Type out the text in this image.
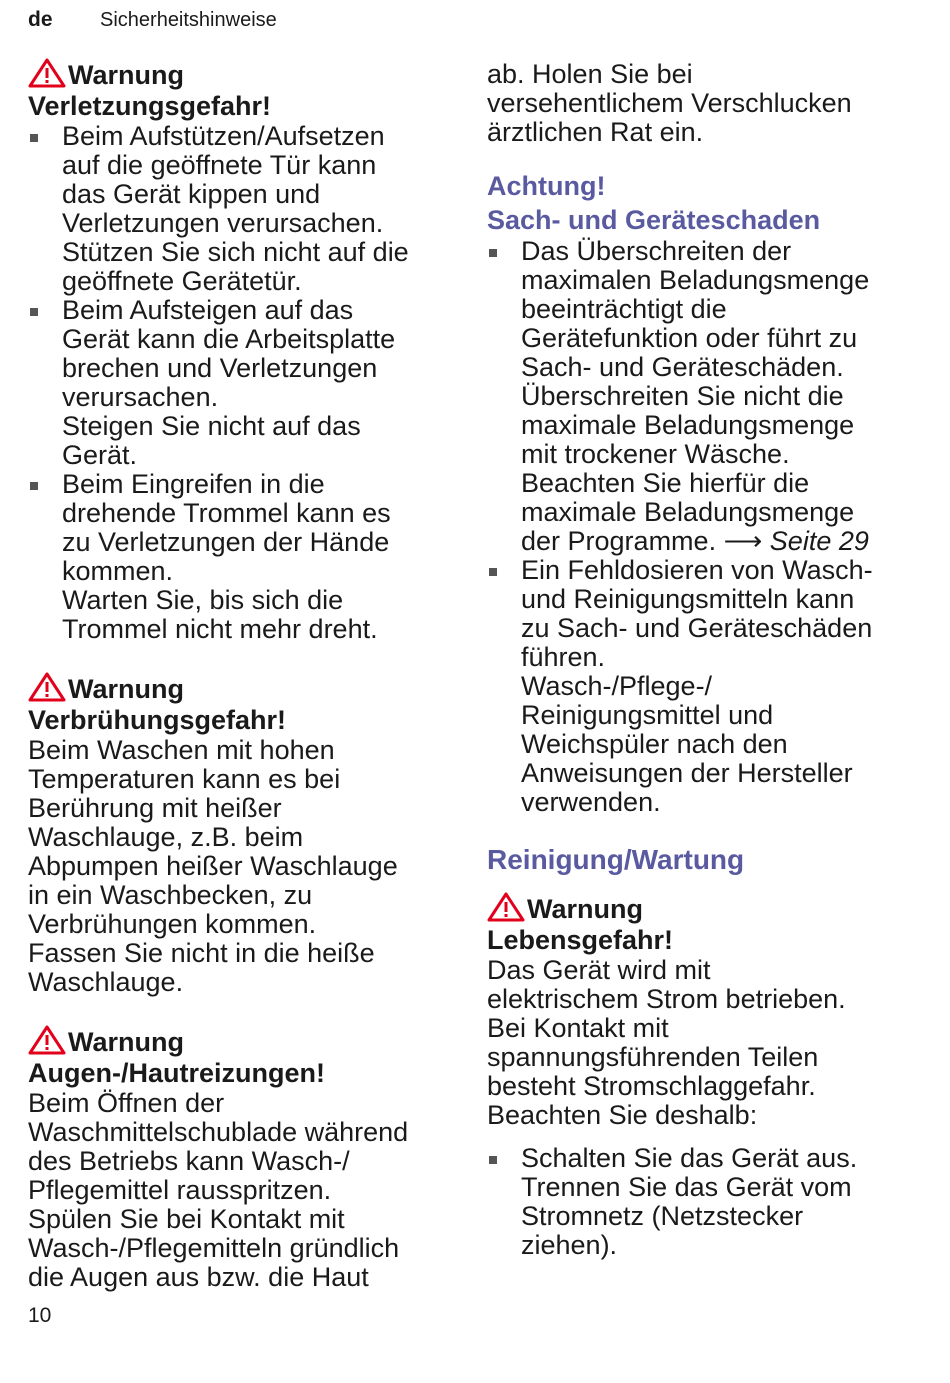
de Sicherheitshinweise
Warnung
Verletzungsgefahr!
Beim Aufstützen/Aufsetzen
auf die geöffnete Tür kann
das Gerät kippen und
Verletzungen verursachen.
Stützen Sie sich nicht auf die
geöffnete Gerätetür.
Beim Aufsteigen auf das
Gerät kann die Arbeitsplatte
brechen und Verletzungen
verursachen.
Steigen Sie nicht auf das
Gerät.
Beim Eingreifen in die
drehende Trommel kann es
zu Verletzungen der Hände
kommen.
Warten Sie, bis sich die
Trommel nicht mehr dreht.
Warnung
Verbrühungsgefahr!
Beim Waschen mit hohen
Temperaturen kann es bei
Berührung mit heißer
Waschlauge, z.B. beim
Abpumpen heißer Waschlauge
in ein Waschbecken, zu
Verbrühungen kommen.
Fassen Sie nicht in die heiße
Waschlauge.
Warnung
Augen-/Hautreizungen!
Beim Öffnen der
Waschmittelschublade während
des Betriebs kann Wasch-/
Pflegemittel rausspritzen.
Spülen Sie bei Kontakt mit
Wasch-/Pflegemitteln gründlich
die Augen aus bzw. die Haut
ab. Holen Sie bei
versehentlichem Verschlucken
ärztlichen Rat ein.
Achtung!
Sach- und Geräteschaden
Das Überschreiten der
maximalen Beladungsmenge
beeinträchtigt die
Gerätefunktion oder führt zu
Sach- und Geräteschäden.
Überschreiten Sie nicht die
maximale Beladungsmenge
mit trockener Wäsche.
Beachten Sie hierfür die
maximale Beladungsmenge
der Programme. ⟶ Seite 29
Ein Fehldosieren von Wasch-
und Reinigungsmitteln kann
zu Sach- und Geräteschäden
führen.
Wasch-/Pflege-/
Reinigungsmittel und
Weichspüler nach den
Anweisungen der Hersteller
verwenden.
Reinigung/Wartung
Warnung
Lebensgefahr!
Das Gerät wird mit
elektrischem Strom betrieben.
Bei Kontakt mit
spannungsführenden Teilen
besteht Stromschlaggefahr.
Beachten Sie deshalb:
Schalten Sie das Gerät aus.
Trennen Sie das Gerät vom
Stromnetz (Netzstecker
ziehen).
10
